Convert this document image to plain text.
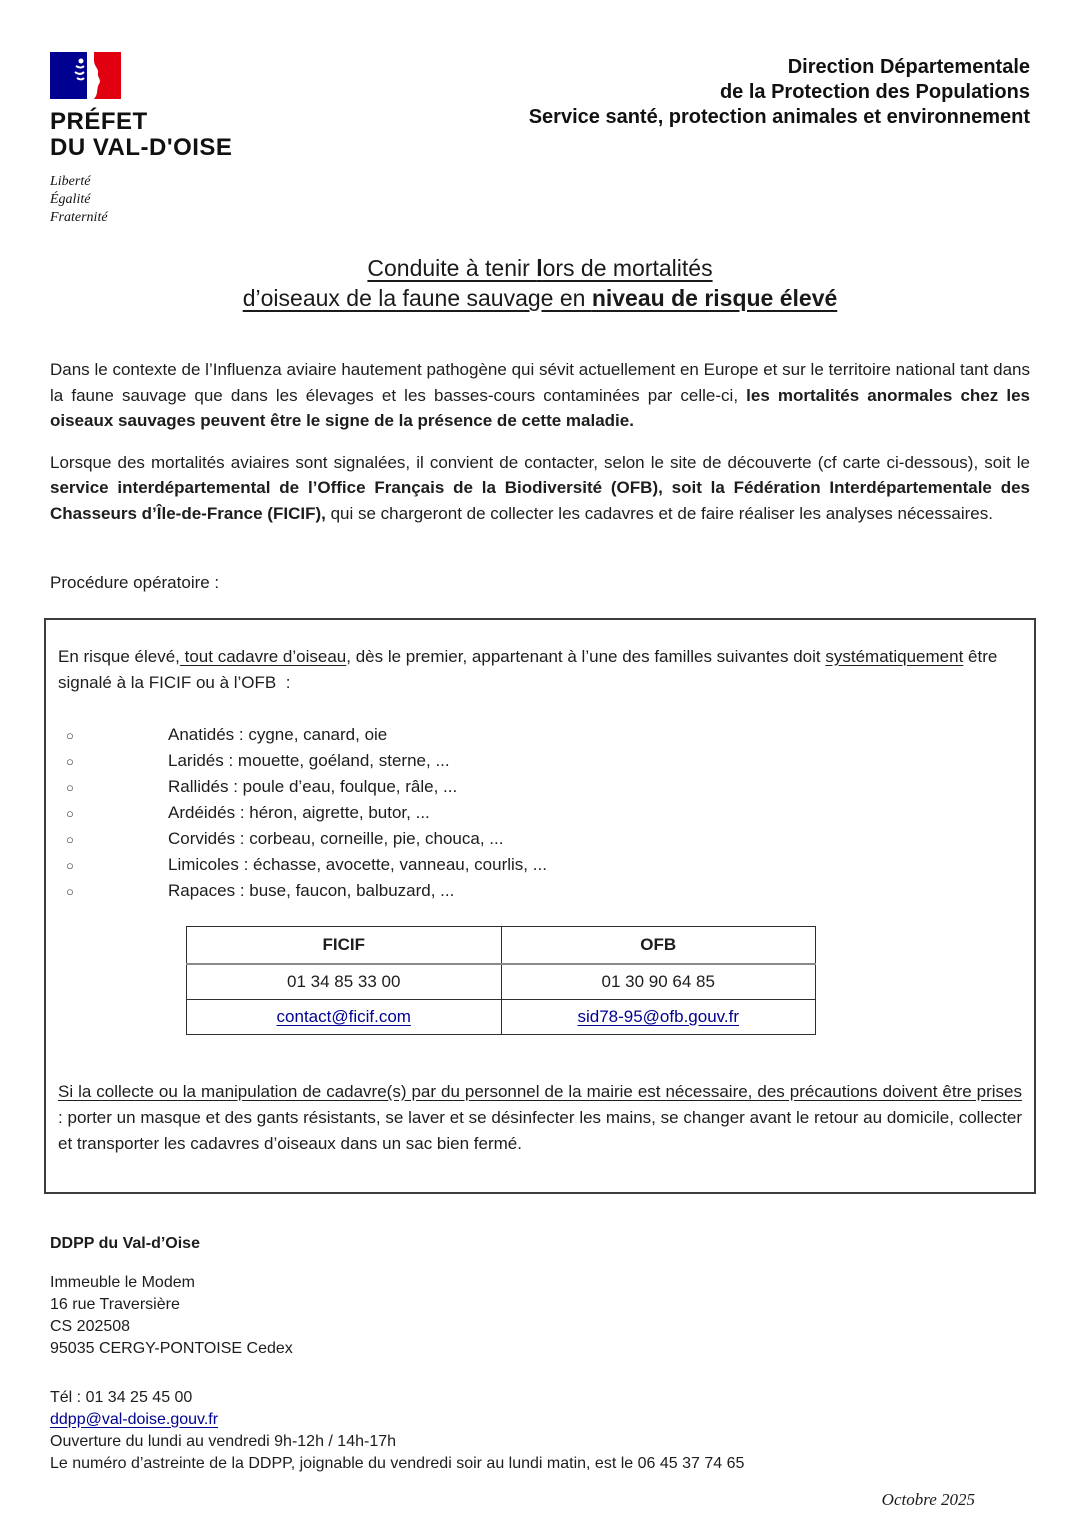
PRÉFET
DU VAL-D'OISE
Liberté
Égalité
Fraternité
Direction Départementale
de la Protection des Populations
Service santé, protection animales et environnement
Conduite à tenir lors de mortalités
d’oiseaux de la faune sauvage en niveau de risque élevé

Dans le contexte de l’Influenza aviaire hautement pathogène qui sévit actuellement en Europe et sur le territoire national tant dans la faune sauvage que dans les élevages et les basses-cours contaminées par celle-ci, les mortalités anormales chez les oiseaux sauvages peuvent être le signe de la présence de cette maladie.

Lorsque des mortalités aviaires sont signalées, il convient de contacter, selon le site de découverte (cf carte ci-dessous), soit le service interdépartemental de l’Office Français de la Biodiversité (OFB), soit la Fédération Interdépartementale des Chasseurs d’Île-de-France (FICIF), qui se chargeront de collecter les cadavres et de faire réaliser les analyses nécessaires.

Procédure opératoire :

En risque élevé, tout cadavre d’oiseau, dès le premier, appartenant à l’une des familles suivantes doit systématiquement être signalé à la FICIF ou à l’OFB  :

○ Anatidés : cygne, canard, oie
○ Laridés : mouette, goéland, sterne, ...
○ Rallidés : poule d’eau, foulque, râle, ...
○ Ardéidés : héron, aigrette, butor, ...
○ Corvidés : corbeau, corneille, pie, chouca, ...
○ Limicoles : échasse, avocette, vanneau, courlis, ...
○ Rapaces : buse, faucon, balbuzard, ...
FICIF	OFB
01 34 85 33 00	01 30 90 64 85
contact@ficif.com	sid78-95@ofb.gouv.fr

Si la collecte ou la manipulation de cadavre(s) par du personnel de la mairie est nécessaire, des précautions doivent être prises : porter un masque et des gants résistants, se laver et se désinfecter les mains, se changer avant le retour au domicile, collecter et transporter les cadavres d’oiseaux dans un sac bien fermé.

DDPP du Val-d’Oise
Immeuble le Modem
16 rue Traversière
CS 202508
95035 CERGY-PONTOISE Cedex
Tél : 01 34 25 45 00
ddpp@val-doise.gouv.fr
Ouverture du lundi au vendredi 9h-12h / 14h-17h
Le numéro d’astreinte de la DDPP, joignable du vendredi soir au lundi matin, est le 06 45 37 74 65
Octobre 2025
